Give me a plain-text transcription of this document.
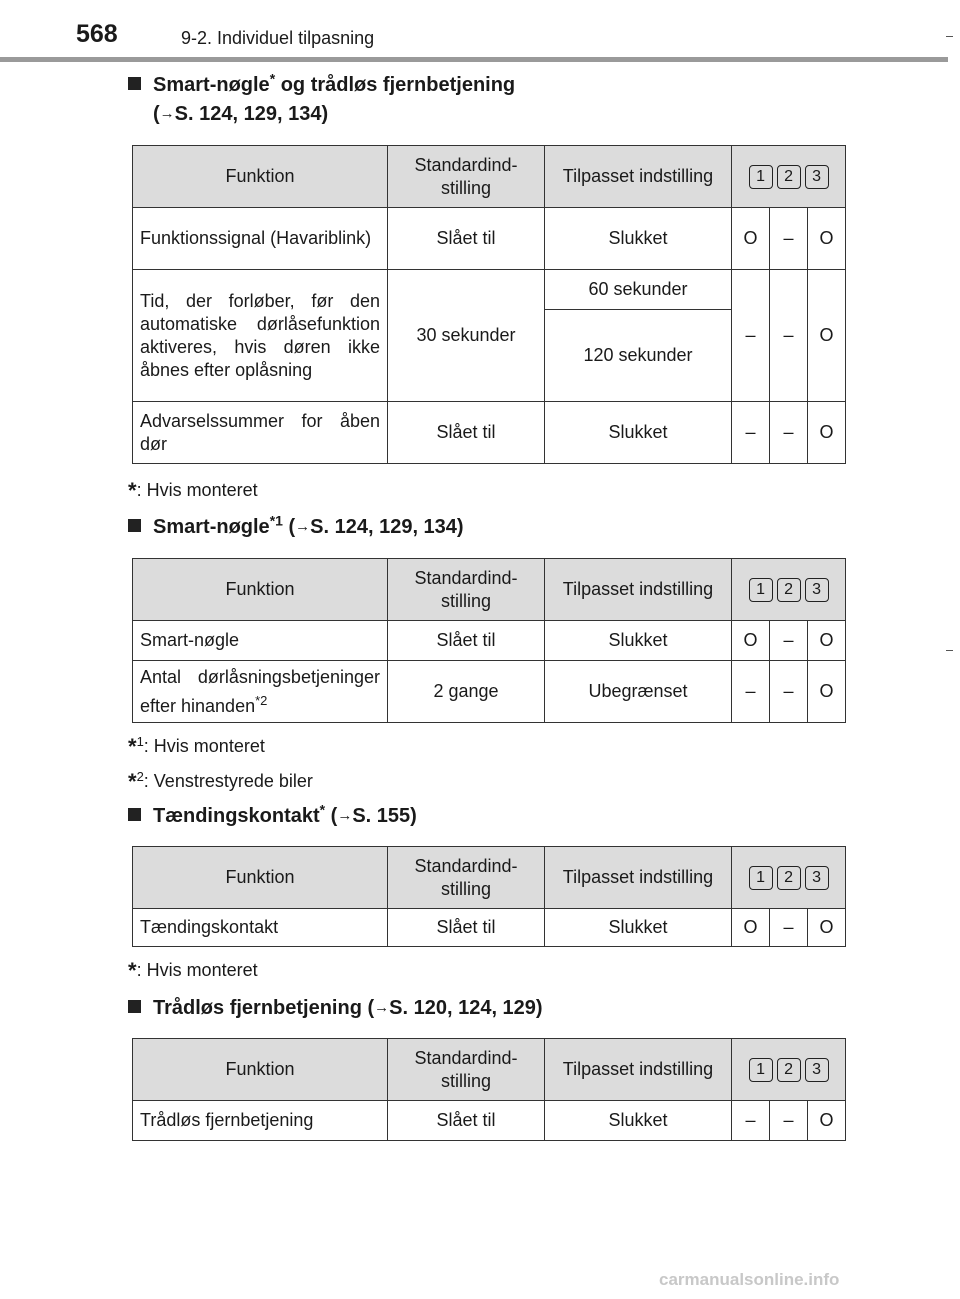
568	9-2. Individuel tilpasning
Smart-nøgle* og trådløs fjernbetjening
(→S. 124, 129, 134)
Funktion	Standardind-stilling	Tilpasset indstilling	1 2 3		

Funktionssignal (Havariblink)	Slået til	Slukket	O	–	O
Tid, der forløber, før den automatiske dørlåsefunktion aktiveres, hvis døren ikke åbnes efter oplåsning	30 sekunder	60 sekunder	–	–	O
		120 sekunder			
Advarselssummer for åben dør	Slået til	Slukket	–	–	O
*: Hvis monteret
Smart-nøgle$^{*1}$ (→S. 124, 129, 134)
Funktion	Standardind-stilling	Tilpasset indstilling	1 2 3		

Smart-nøgle	Slået til	Slukket	O	–	O
Antal dørlåsningsbetjeninger efter hinanden$^{*2}$	2 gange	Ubegrænset	–	–	O
*$^1$: Hvis monteret
*$^2$: Venstrestyrede biler
Tændingskontakt* (→S. 155)
Funktion	Standardind-stilling	Tilpasset indstilling	1 2 3		

Tændingskontakt	Slået til	Slukket	O	–	O
*: Hvis monteret
Trådløs fjernbetjening (→S. 120, 124, 129)
Funktion	Standardind-stilling	Tilpasset indstilling	1 2 3		

Trådløs fjernbetjening	Slået til	Slukket	–	–	O
carmanualsonline.info
